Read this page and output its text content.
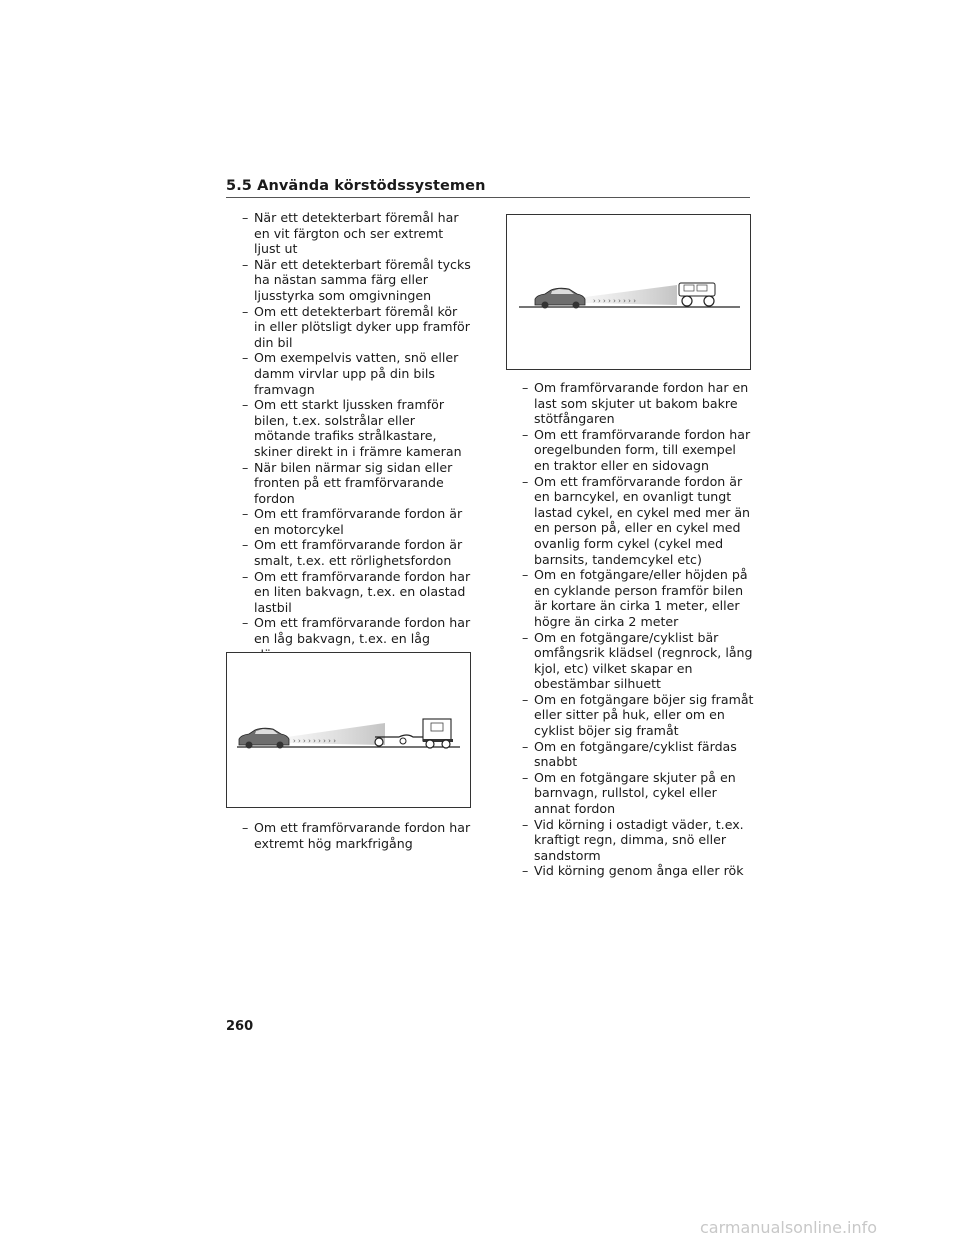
5.5 Använda körstödssystemen
– När ett detekterbart föremål har en vit färgton och ser extremt ljust ut
– När ett detekterbart föremål tycks ha nästan samma färg eller ljusstyrka som omgivningen
– Om ett detekterbart föremål kör in eller plötsligt dyker upp framför din bil
– Om exempelvis vatten, snö eller damm virvlar upp på din bils framvagn
– Om ett starkt ljussken framför bilen, t.ex. solstrålar eller mötande trafiks strålkastare, skiner direkt in i främre kameran
– När bilen närmar sig sidan eller fronten på ett framförvarande fordon
– Om ett framförvarande fordon är en motorcykel
– Om ett framförvarande fordon är smalt, t.ex. ett rörlighetsfordon
– Om ett framförvarande fordon har en liten bakvagn, t.ex. en olastad lastbil
– Om ett framförvarande fordon har en låg bakvagn, t.ex. en låg
› › › › › › › › ›
– Om framförvarande fordon har en last som skjuter ut bakom bakre stötfångaren
– Om ett framförvarande fordon har oregelbunden form, till exempel en traktor eller en sidovagn
– Om ett framförvarande fordon är en barncykel, en ovanligt tungt lastad cykel, en cykel med mer än en person på, eller en cykel med ovanlig form cykel (cykel med barnsits, tandemcykel etc)
– Om en fotgängare/eller höjden på en cyklande person framför bilen är kortare än cirka 1 meter, eller högre än cirka 2 meter
– Om en fotgängare/cyklist bär omfångsrik klädsel (regnrock, lång kjol, etc) vilket skapar en obestämbar silhuett
– Om en fotgängare böjer sig framåt eller sitter på huk, eller om en cyklist böjer sig framåt
– Om en fotgängare/cyklist färdas snabbt
– Om en fotgängare skjuter på en barnvagn, rullstol, cykel eller annat fordon
– Vid körning i ostadigt väder, t.ex. kraftigt regn, dimma, snö eller sandstorm
– Vid körning genom ånga eller rök
› › › › › › › › ›
– Om ett framförvarande fordon har extremt hög markfrigång
260
carmanualsonline.info
